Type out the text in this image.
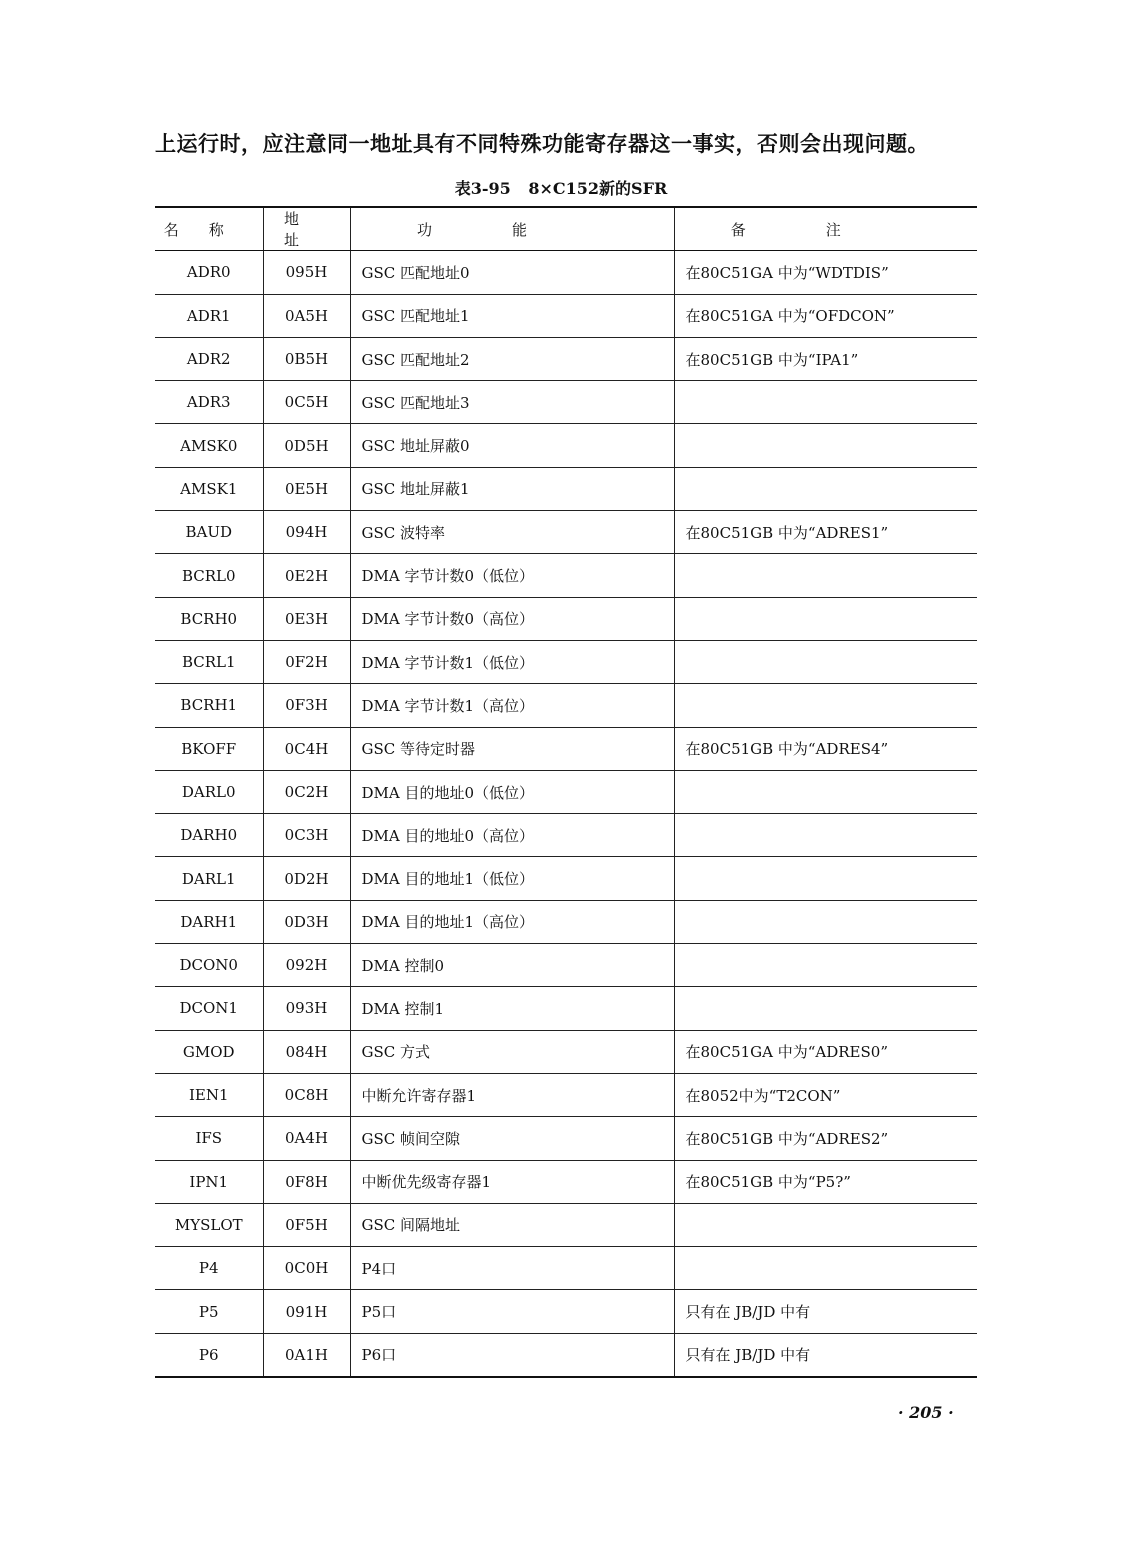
上运行时，应注意同一地址具有不同特殊功能寄存器这一事实，否则会出现问题。
表3-95 8×C152新的SFR
名称	地址	功能	备注
ADR0	095H	GSC 匹配地址0	在80C51GA 中为“WDTDIS”
ADR1	0A5H	GSC 匹配地址1	在80C51GA 中为“OFDCON”
ADR2	0B5H	GSC 匹配地址2	在80C51GB 中为“IPA1”
ADR3	0C5H	GSC 匹配地址3	
AMSK0	0D5H	GSC 地址屏蔽0	
AMSK1	0E5H	GSC 地址屏蔽1	
BAUD	094H	GSC 波特率	在80C51GB 中为“ADRES1”
BCRL0	0E2H	DMA 字节计数0（低位）	
BCRH0	0E3H	DMA 字节计数0（高位）	
BCRL1	0F2H	DMA 字节计数1（低位）	
BCRH1	0F3H	DMA 字节计数1（高位）	
BKOFF	0C4H	GSC 等待定时器	在80C51GB 中为“ADRES4”
DARL0	0C2H	DMA 目的地址0（低位）	
DARH0	0C3H	DMA 目的地址0（高位）	
DARL1	0D2H	DMA 目的地址1（低位）	
DARH1	0D3H	DMA 目的地址1（高位）	
DCON0	092H	DMA 控制0	
DCON1	093H	DMA 控制1	
GMOD	084H	GSC 方式	在80C51GA 中为“ADRES0”
IEN1	0C8H	中断允许寄存器1	在8052中为“T2CON”
IFS	0A4H	GSC 帧间空隙	在80C51GB 中为“ADRES2”
IPN1	0F8H	中断优先级寄存器1	在80C51GB 中为“P5?”
MYSLOT	0F5H	GSC 间隔地址	
P4	0C0H	P4口	
P5	091H	P5口	只有在 JB/JD 中有
P6	0A1H	P6口	只有在 JB/JD 中有
· 205 ·
